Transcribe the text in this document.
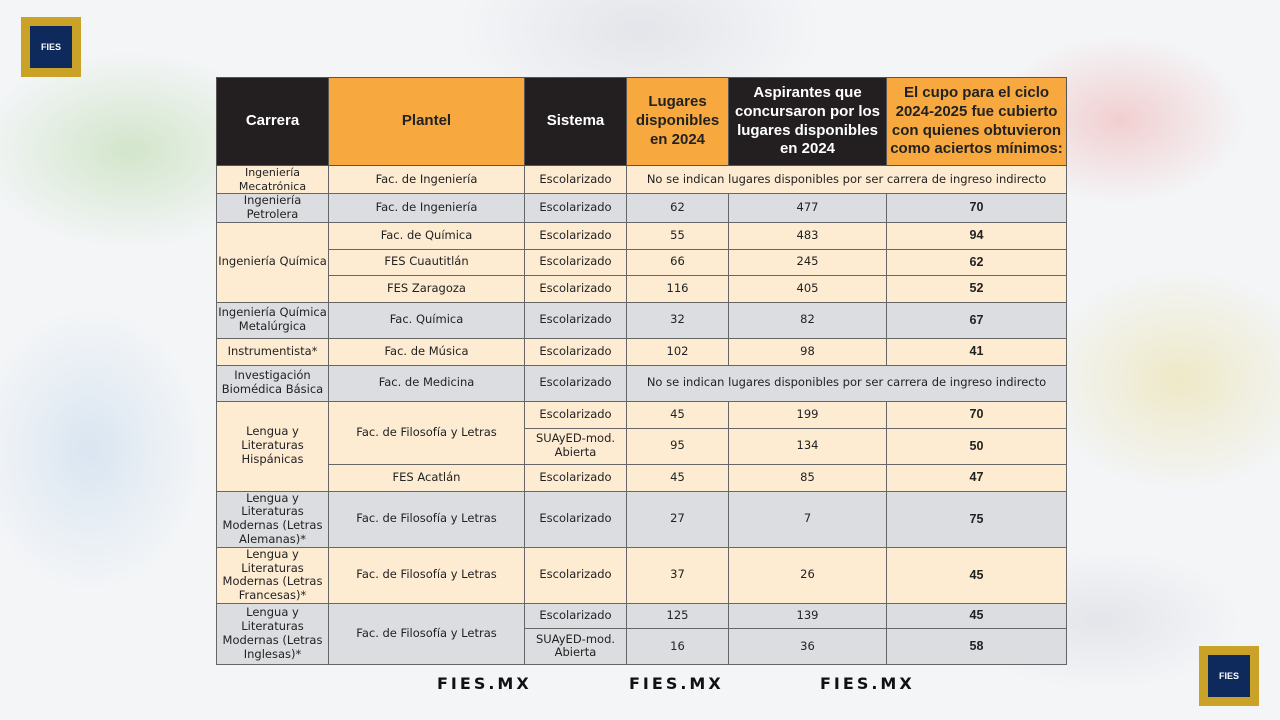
FIES
FIES
Carrera	Plantel	Sistema	Lugares disponibles en 2024	Aspirantes que concursaron por los lugares disponibles en 2024	El cupo para el ciclo 2024-2025 fue cubierto con quienes obtuvieron como aciertos mínimos:
Ingeniería Mecatrónica	Fac. de Ingeniería	Escolarizado	No se indican lugares disponibles por ser carrera de ingreso indirecto		
Ingeniería Petrolera	Fac. de Ingeniería	Escolarizado	62	477	70
Ingeniería Química	Fac. de Química	Escolarizado	55	483	94
	FES Cuautitlán	Escolarizado	66	245	62
	FES Zaragoza	Escolarizado	116	405	52
Ingeniería Química Metalúrgica	Fac. Química	Escolarizado	32	82	67
Instrumentista*	Fac. de Música	Escolarizado	102	98	41
Investigación Biomédica Básica	Fac. de Medicina	Escolarizado	No se indican lugares disponibles por ser carrera de ingreso indirecto		
Lengua y Literaturas Hispánicas	Fac. de Filosofía y Letras	Escolarizado	45	199	70
		SUAyED-mod. Abierta	95	134	50
	FES Acatlán	Escolarizado	45	85	47
Lengua y Literaturas Modernas (Letras Alemanas)*	Fac. de Filosofía y Letras	Escolarizado	27	7	75
Lengua y Literaturas Modernas (Letras Francesas)*	Fac. de Filosofía y Letras	Escolarizado	37	26	45
Lengua y Literaturas Modernas (Letras Inglesas)*	Fac. de Filosofía y Letras	Escolarizado	125	139	45
		SUAyED-mod. Abierta	16	36	58
FIES.MX	FIES.MX	FIES.MX
